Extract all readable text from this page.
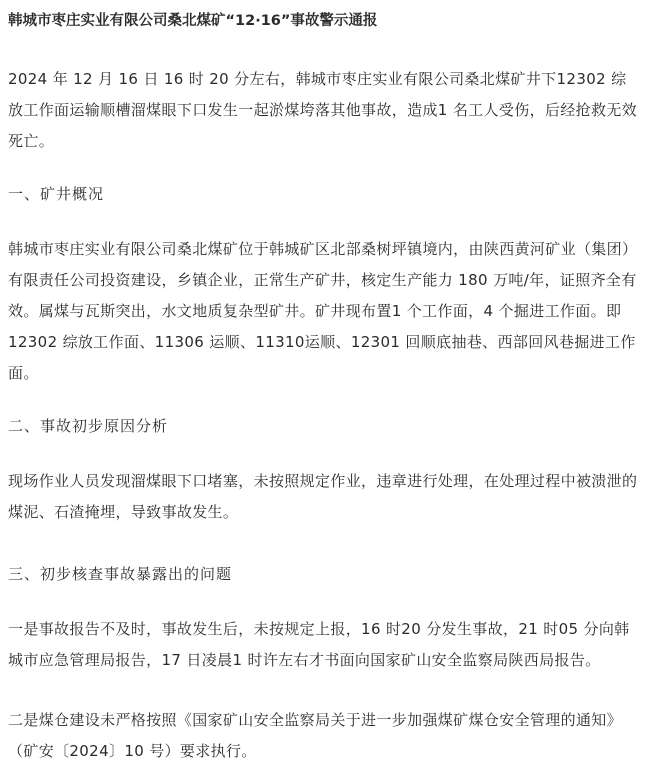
韩城市枣庄实业有限公司桑北煤矿“12·16”事故警示通报

2024 年 12 月 16 日 16 时 20 分左右，韩城市枣庄实业有限公司桑北煤矿井下12302 综放工作面运输顺槽溜煤眼下口发生一起淤煤垮落其他事故，造成1 名工人受伤，后经抢救无效死亡。

一、矿井概况

韩城市枣庄实业有限公司桑北煤矿位于韩城矿区北部桑树坪镇境内，由陕西黄河矿业（集团）有限责任公司投资建设，乡镇企业，正常生产矿井，核定生产能力 180 万吨/年，证照齐全有效。属煤与瓦斯突出，水文地质复杂型矿井。矿井现布置1 个工作面，4 个掘进工作面。即12302 综放工作面、11306 运顺、11310运顺、12301 回顺底抽巷、西部回风巷掘进工作面。

二、事故初步原因分析

现场作业人员发现溜煤眼下口堵塞，未按照规定作业，违章进行处理，在处理过程中被溃泄的煤泥、石渣掩埋，导致事故发生。

三、初步核查事故暴露出的问题

一是事故报告不及时，事故发生后，未按规定上报，16 时20 分发生事故，21 时05 分向韩城市应急管理局报告，17 日凌晨1 时许左右才书面向国家矿山安全监察局陕西局报告。

二是煤仓建设未严格按照《国家矿山安全监察局关于进一步加强煤矿煤仓安全管理的通知》（矿安〔2024〕10 号）要求执行。
